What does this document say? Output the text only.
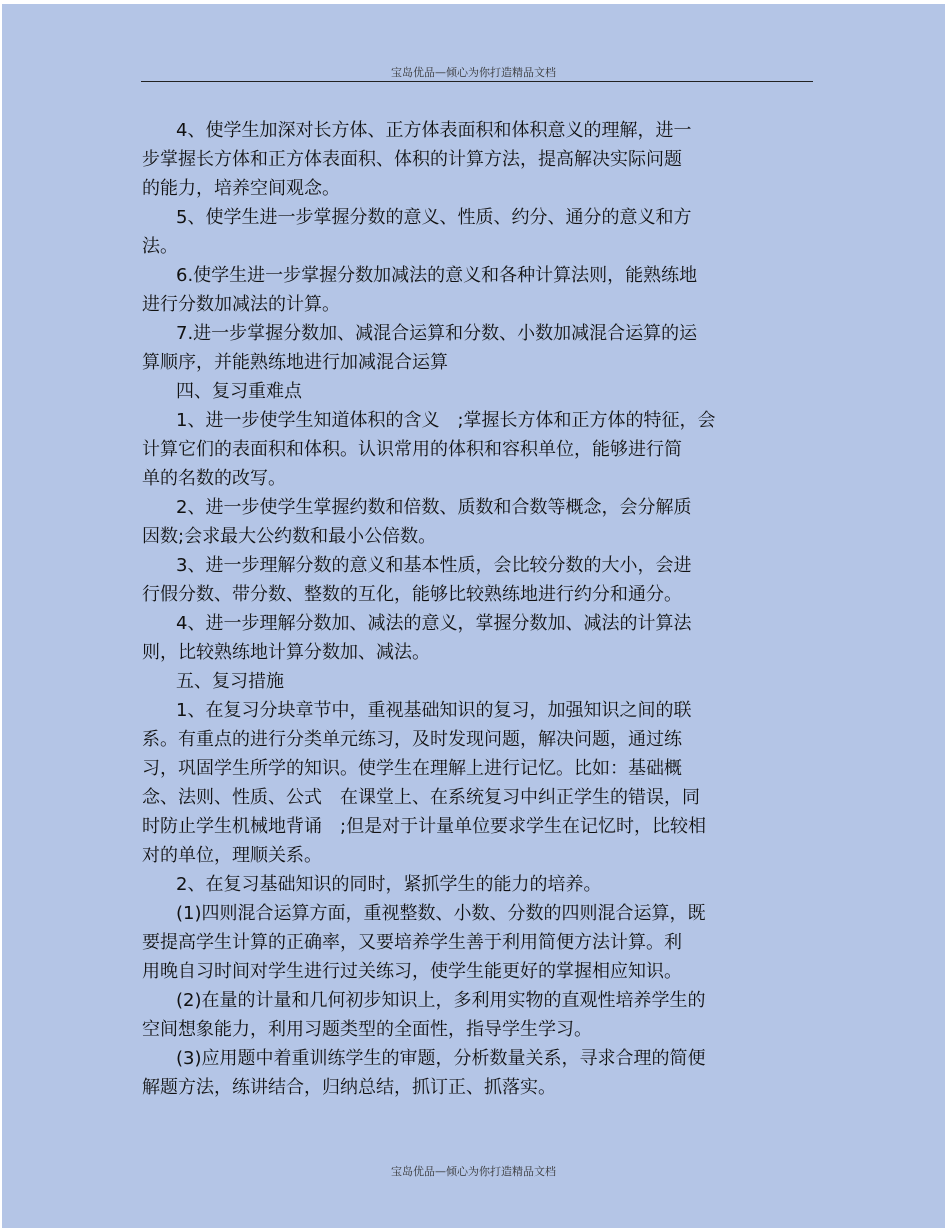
宝岛优品—倾心为你打造精品文档
4、使学生加深对长方体、正方体表面积和体积意义的理解，进一
步掌握长方体和正方体表面积、体积的计算方法，提高解决实际问题
的能力，培养空间观念。
5、使学生进一步掌握分数的意义、性质、约分、通分的意义和方
法。
6.使学生进一步掌握分数加减法的意义和各种计算法则，能熟练地
进行分数加减法的计算。
7.进一步掌握分数加、减混合运算和分数、小数加减混合运算的运
算顺序，并能熟练地进行加减混合运算
四、复习重难点
1、进一步使学生知道体积的含义　;掌握长方体和正方体的特征，会
计算它们的表面积和体积。认识常用的体积和容积单位，能够进行简
单的名数的改写。
2、进一步使学生掌握约数和倍数、质数和合数等概念，会分解质
因数;会求最大公约数和最小公倍数。
3、进一步理解分数的意义和基本性质，会比较分数的大小，会进
行假分数、带分数、整数的互化，能够比较熟练地进行约分和通分。
4、进一步理解分数加、减法的意义，掌握分数加、减法的计算法
则，比较熟练地计算分数加、减法。
五、复习措施
1、在复习分块章节中，重视基础知识的复习，加强知识之间的联
系。有重点的进行分类单元练习，及时发现问题，解决问题，通过练
习，巩固学生所学的知识。使学生在理解上进行记忆。比如：基础概
念、法则、性质、公式　在课堂上、在系统复习中纠正学生的错误，同
时防止学生机械地背诵　;但是对于计量单位要求学生在记忆时，比较相
对的单位，理顺关系。
2、在复习基础知识的同时，紧抓学生的能力的培养。
(1)四则混合运算方面，重视整数、小数、分数的四则混合运算，既
要提高学生计算的正确率，又要培养学生善于利用简便方法计算。利
用晚自习时间对学生进行过关练习，使学生能更好的掌握相应知识。
(2)在量的计量和几何初步知识上，多利用实物的直观性培养学生的
空间想象能力，利用习题类型的全面性，指导学生学习。
(3)应用题中着重训练学生的审题，分析数量关系，寻求合理的简便
解题方法，练讲结合，归纳总结，抓订正、抓落实。
宝岛优品—倾心为你打造精品文档
